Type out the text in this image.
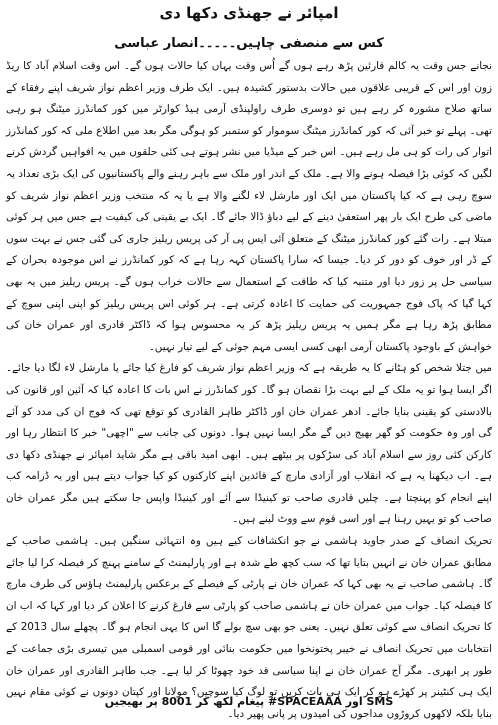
امپائر نے جھنڈی دکھا دی
کس سے منصفی چاہیں۔۔۔۔۔انصار عباسی

نجانے جس وقت یہ کالم قارئین پڑھ رہے ہوں گے اُس وقت یہاں کیا حالات ہوں گے۔ اس وقت اسلام آباد کا ریڈ زون اور اس کے قریبی علاقوں میں حالات بدستور کشیدہ ہیں۔ ایک طرف وزیر اعظم نواز شریف اپنے رفقاء کے ساتھ صلاح مشورہ کر رہے ہیں تو دوسری طرف راولپنڈی آرمی ہیڈ کوارٹر میں کور کمانڈرز میٹنگ ہو رہی تھی۔ پہلے تو خبر آئی کہ کور کمانڈرز میٹنگ سوموار کو ستمبر کو ہوگی مگر بعد میں اطلاع ملی کہ کور کمانڈرز اتوار کی رات کو ہی مل رہے ہیں۔ اس خبر کے میڈیا میں نشر ہوتے ہی کئی حلقوں میں یہ افواہیں گردش کرنے لگیں کہ کوئی بڑا فیصلہ ہونے والا ہے۔ ملک کے اندر اور ملک سے باہر رہنے والے پاکستانیوں کی ایک بڑی تعداد یہ سوچ رہی ہے کہ کیا پاکستان میں ایک اور مارشل لاء لگنے والا ہے یا یہ کہ منتخب وزیر اعظم نواز شریف کو ماضی کی طرح ایک بار پھر استعفیٰ دینے کے لیے دباؤ ڈالا جائے گا۔ ایک بے یقینی کی کیفیت ہے جس میں ہر کوئی مبتلا ہے۔ رات گئے کور کمانڈرز میٹنگ کے متعلق آئی ایس پی آر کی پریس ریلیز جاری کی گئی جس نے بہت سوں کے ڈر اور خوف کو دور کر دیا۔ جیسا کہ سارا پاکستان کہہ رہا ہے کہ کور کمانڈرز نے اس موجودہ بحران کے سیاسی حل پر زور دیا اور متنبہ کیا کہ طاقت کے استعمال سے حالات خراب ہوں گے۔ پریس ریلیز میں یہ بھی کہا گیا کہ پاک فوج جمہوریت کی حمایت کا اعادہ کرتی ہے۔ ہر کوئی اس پریس ریلیز کو اپنی اپنی سوچ کے مطابق پڑھ رہا ہے مگر ہمیں یہ پریس ریلیز پڑھ کر یہ محسوس ہوا کہ ڈاکٹر قادری اور عمران خان کی خواہش کے باوجود پاکستان آرمی ابھی کسی ایسی مہم جوئی کے لیے تیار نہیں۔

میں جتلا شخص کو ہٹانے کا یہ طریقہ ہے کہ وزیر اعظم نواز شریف کو فارغ کیا جائے یا مارشل لاء لگا دیا جائے۔ اگر ایسا ہوا تو یہ ملک کے لیے بہت بڑا نقصان ہو گا۔ کور کمانڈرز نے اس بات کا اعادہ کیا کہ آئین اور قانون کی بالادستی کو یقینی بنایا جائے۔ ادھر عمران خان اور ڈاکٹر طاہر القادری کو توقع تھی کہ فوج ان کی مدد کو آئے گی اور وہ حکومت کو گھر بھیج دیں گے مگر ایسا نہیں ہوا۔ دونوں کی جانب سے "اچھی" خبر کا انتظار رہا اور کارکن کئی روز سے اسلام آباد کی سڑکوں پر بیٹھے ہیں۔ ابھی امید باقی ہے مگر شاید امپائر نے جھنڈی دکھا دی ہے۔ اب دیکھنا یہ ہے کہ انقلاب اور آزادی مارچ کے قائدین اپنے کارکنوں کو کیا جواب دیتے ہیں اور یہ ڈرامہ کب اپنے انجام کو پہنچتا ہے۔ چلیں قادری صاحب تو کینیڈا سے آئے اور کینیڈا واپس جا سکتے ہیں مگر عمران خان صاحب کو تو یہیں رہنا ہے اور اسی قوم سے ووٹ لینے ہیں۔

تحریک انصاف کے صدر جاوید ہاشمی نے جو انکشافات کیے ہیں وہ انتہائی سنگین ہیں۔ ہاشمی صاحب کے مطابق عمران خان نے انہیں بتایا تھا کہ سب کچھ طے شدہ ہے اور پارلیمنٹ کے سامنے پہنچ کر فیصلہ کرا لیا جائے گا۔ ہاشمی صاحب نے یہ بھی کہا کہ عمران خان نے پارٹی کے فیصلے کے برعکس پارلیمنٹ ہاؤس کی طرف مارچ کا فیصلہ کیا۔ جواب میں عمران خان نے ہاشمی صاحب کو پارٹی سے فارغ کرنے کا اعلان کر دیا اور کہا کہ اب ان کا تحریک انصاف سے کوئی تعلق نہیں۔ یعنی جو بھی سچ بولے گا اس کا یہی انجام ہو گا۔ پچھلے سال 2013 کے انتخابات میں تحریک انصاف نے خیبر پختونخوا میں حکومت بنائی اور قومی اسمبلی میں تیسری بڑی جماعت کے طور پر ابھری۔ مگر آج عمران خان نے اپنا سیاسی قد خود چھوٹا کر لیا ہے۔ جب طاہر القادری اور عمران خان ایک ہی کنٹینر پر کھڑے ہو کر ایک ہی بات کریں تو لوگ کیا سوچیں؟ مولانا اور کپتان دونوں نے کوئی مقام نہیں بنایا بلکہ لاکھوں کروڑوں مداحوں کی امیدوں پر پانی پھیر دیا۔

SMS اور #SPACEAAA پیغام لکھ کر 8001 پر بھیجیں
